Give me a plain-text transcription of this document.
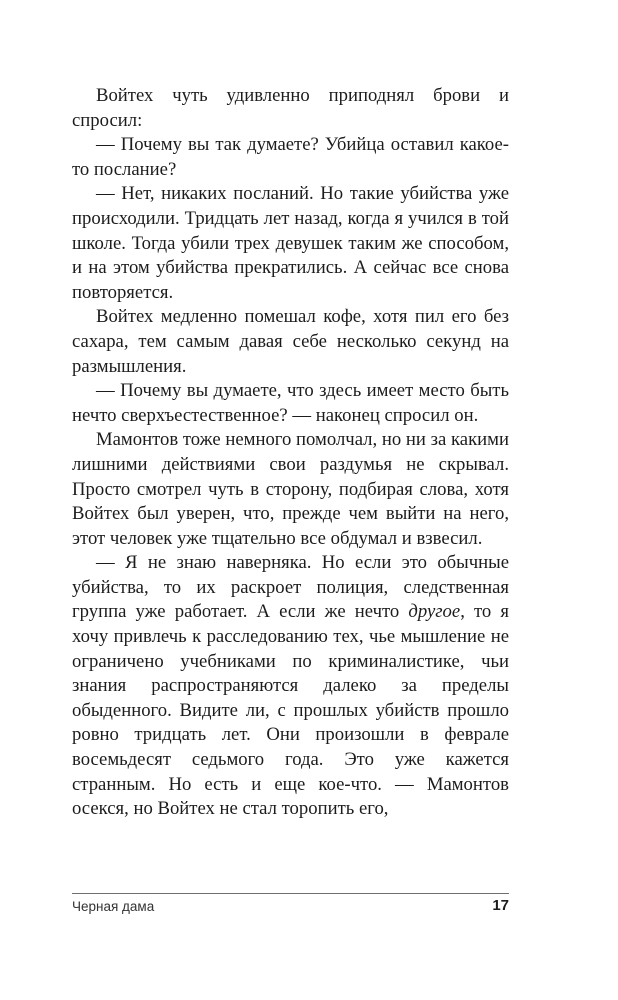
Войтех чуть удивленно приподнял брови и спросил:

— Почему вы так думаете? Убийца оставил какое-то послание?

— Нет, никаких посланий. Но такие убийства уже происходили. Тридцать лет назад, когда я учился в той школе. Тогда убили трех девушек таким же способом, и на этом убийства прекратились. А сейчас все снова повторяется.

Войтех медленно помешал кофе, хотя пил его без сахара, тем самым давая себе несколько секунд на размышления.

— Почему вы думаете, что здесь имеет место быть нечто сверхъестественное? — наконец спросил он.

Мамонтов тоже немного помолчал, но ни за какими лишними действиями свои раздумья не скрывал. Просто смотрел чуть в сторону, подбирая слова, хотя Войтех был уверен, что, прежде чем выйти на него, этот человек уже тщательно все обдумал и взвесил.

— Я не знаю наверняка. Но если это обычные убийства, то их раскроет полиция, следственная группа уже работает. А если же нечто другое, то я хочу привлечь к расследованию тех, чье мышление не ограничено учебниками по криминалистике, чьи знания распространяются далеко за пределы обыденного. Видите ли, с прошлых убийств прошло ровно тридцать лет. Они произошли в феврале восемьдесят седьмого года. Это уже кажется странным. Но есть и еще кое-что. — Мамонтов осекся, но Войтех не стал торопить его,

Черная дама	17
